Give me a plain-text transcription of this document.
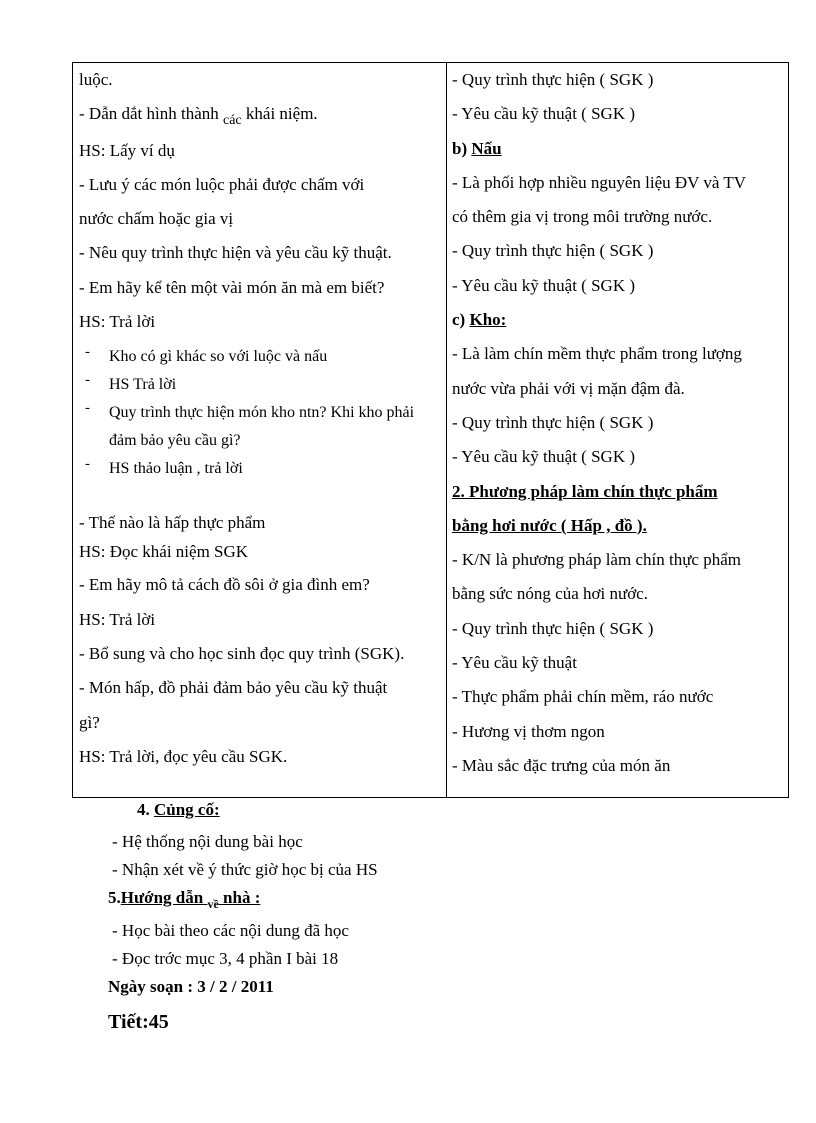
luộc.
- Dẫn dắt hình thành $_{các}$ khái niệm.
HS: Lấy ví dụ
- Lưu ý các món luộc phải được chấm với
nước chấm hoặc gia vị
- Nêu quy trình thực hiện và yêu cầu kỹ thuật.
- Em hãy kể tên một vài món ăn mà em biết?
HS: Trả lời
-	Kho có gì khác so với luộc và nấu
-	HS Trả lời
-	Quy trình thực hiện món kho ntn? Khi kho phải đảm bảo yêu cầu gì?
-	HS thảo luận , trả lời
- Thế nào là hấp thực phẩm
HS: Đọc khái niệm SGK
- Em hãy mô tả cách đồ sôi ở gia đình em?
HS: Trả lời
- Bổ sung và cho học sinh đọc quy trình (SGK).
- Món hấp, đồ phải đảm bảo yêu cầu kỹ thuật
gì?
HS: Trả lời, đọc yêu cầu SGK.

- Quy trình thực hiện ( SGK )
- Yêu cầu kỹ thuật ( SGK )
b) Nấu
- Là phối hợp nhiều nguyên liệu ĐV và TV
có thêm gia vị trong môi trường nước.
- Quy trình thực hiện ( SGK )
- Yêu cầu kỹ thuật ( SGK )
c) Kho:
- Là làm chín mềm thực phẩm trong lượng
nước vừa phải với vị mặn đậm đà.
- Quy trình thực hiện ( SGK )
- Yêu cầu kỹ thuật ( SGK )
2. Phương pháp làm chín thực phẩm
bằng hơi nước ( Hấp , đồ ).
- K/N là phương pháp làm chín thực phẩm
bằng sức nóng của hơi nước.
- Quy trình thực hiện ( SGK )
- Yêu cầu kỹ thuật
- Thực phẩm phải chín mềm, ráo nước
- Hương vị thơm ngon
- Màu sắc đặc trưng của món ăn
4. Củng cố:
- Hệ thống nội dung bài học
- Nhận xét về ý thức giờ học bị của HS
5.Hướng dẫn $_{về}$ nhà :
- Học bài theo các nội dung đã học
- Đọc trớc mục 3, 4 phần I bài 18
Ngày soạn : 3 / 2 / 2011
Tiết:45
